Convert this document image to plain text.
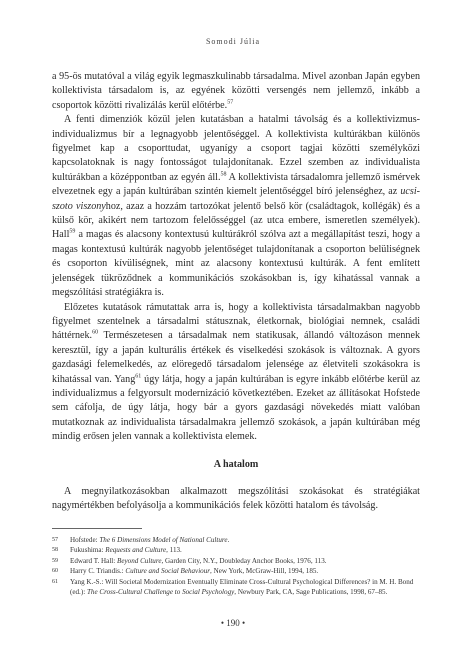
Somodi Júlia

a 95-ös mutatóval a világ egyik legmaszkulinabb társadalma. Mivel azonban Japán egyben kollektivista társadalom is, az egyének közötti versengés nem jellemző, inkább a csoportok közötti rivalizálás kerül előtérbe.$^{57}$

A fenti dimenziók közül jelen kutatásban a hatalmi távolság és a kollektivizmus-individualizmus bír a legnagyobb jelentőséggel. A kollektivista kultúrákban különös figyelmet kap a csoporttudat, ugyanígy a csoport tagjai közötti személyközi kapcsolatoknak is nagy fontosságot tulajdonítanak. Ezzel szemben az individualista kultúrákban a középpontban az egyén áll.$^{58}$ A kollektivista társadalomra jellemző ismérvek elvezetnek egy a japán kultúrában szintén kiemelt jelentőséggel bíró jelenséghez, az ucsi-szoto viszonyhoz, azaz a hozzám tartozókat jelentő belső kör (családtagok, kollégák) és a külső kör, akikért nem tartozom felelősséggel (az utca embere, ismeretlen személyek). Hall$^{59}$ a magas és alacsony kontextusú kultúrákról szólva azt a megállapítást teszi, hogy a magas kontextusú kultúrák nagyobb jelentőséget tulajdonítanak a csoporton belüliségnek és csoporton kívüliségnek, mint az alacsony kontextusú kultúrák. A fent említett jelenségek tükröződnek a kommunikációs szokásokban is, így kihatással vannak a megszólítási stratégiákra is.

Előzetes kutatások rámutattak arra is, hogy a kollektivista társadalmakban nagyobb figyelmet szentelnek a társadalmi státusznak, életkornak, biológiai nemnek, családi háttérnek.$^{60}$ Természetesen a társadalmak nem statikusak, állandó változáson mennek keresztül, így a japán kulturális értékek és viselkedési szokások is változnak. A gyors gazdasági felemelkedés, az elöregedő társadalom jelensége az életviteli szokásokra is kihatással van. Yang$^{61}$ úgy látja, hogy a japán kultúrában is egyre inkább előtérbe kerül az individualizmus a felgyorsult modernizáció következtében. Ezeket az állításokat Hofstede sem cáfolja, de úgy látja, hogy bár a gyors gazdasági növekedés miatt valóban mutatkoznak az individualista társadalmakra jellemző szokások, a japán kultúrában még mindig erősen jelen vannak a kollektivista elemek.

A hatalom

A megnyilatkozásokban alkalmazott megszólítási szokásokat és stratégiákat nagymértékben befolyásolja a kommunikációs felek közötti hatalom és távolság.

57	Hofstede: The 6 Dimensions Model of National Culture.
58	Fukushima: Requests and Culture, 113.
59	Edward T. Hall: Beyond Culture, Garden City, N.Y., Doubleday Anchor Books, 1976, 113.
60	Harry C. Triandis.: Culture and Social Behaviour, New York, McGraw-Hill, 1994, 185.
61	Yang K.-S.: Will Societal Modernization Eventually Eliminate Cross-Cultural Psychological Differences? in M. H. Bond (ed.): The Cross-Cultural Challenge to Social Psychology, Newbury Park, CA, Sage Publications, 1998, 67–85.
• 190 •
